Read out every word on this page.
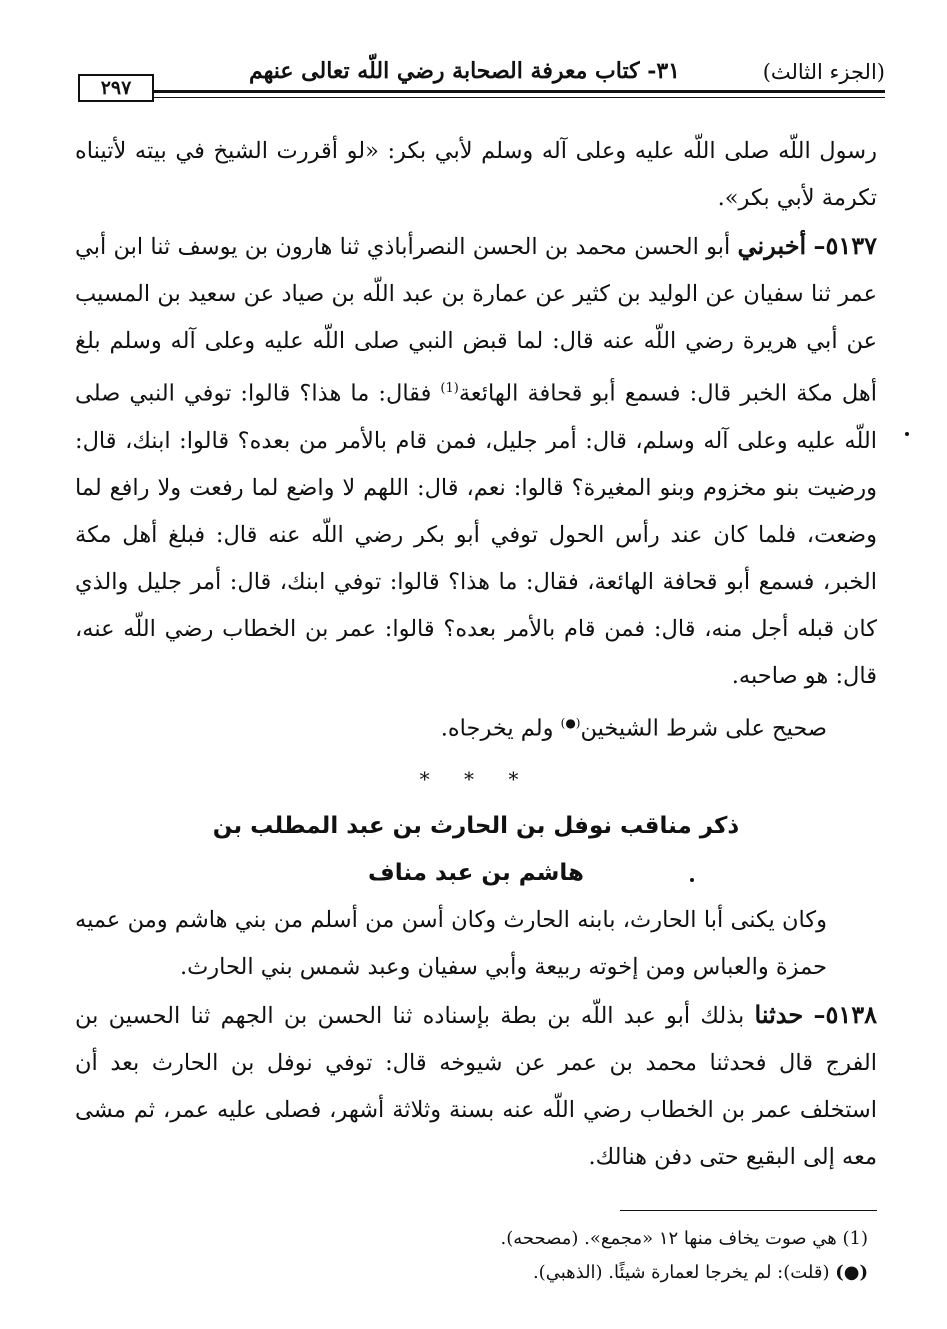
(الجزء الثالث)
٣١- كتاب معرفة الصحابة رضي اللّه تعالى عنهم
٢٩٧

رسول اللّه صلى اللّه عليه وعلى آله وسلم لأبي بكر: «لو أقررت الشيخ في بيته لأتيناه تكرمة لأبي بكر».

٥١٣٧– أخبرني أبو الحسن محمد بن الحسن النصرأباذي ثنا هارون بن يوسف ثنا ابن أبي عمر ثنا سفيان عن الوليد بن كثير عن عمارة بن عبد اللّه بن صياد عن سعيد بن المسيب عن أبي هريرة رضي اللّه عنه قال: لما قبض النبي صلى اللّه عليه وعلى آله وسلم بلغ أهل مكة الخبر قال: فسمع أبو قحافة الهائعة$^{(1)}$ فقال: ما هذا؟ قالوا: توفي النبي صلى اللّه عليه وعلى آله وسلم، قال: أمر جليل، فمن قام بالأمر من بعده؟ قالوا: ابنك، قال: ورضيت بنو مخزوم وبنو المغيرة؟ قالوا: نعم، قال: اللهم لا واضع لما رفعت ولا رافع لما وضعت، فلما كان عند رأس الحول توفي أبو بكر رضي اللّه عنه قال: فبلغ أهل مكة الخبر، فسمع أبو قحافة الهائعة، فقال: ما هذا؟ قالوا: توفي ابنك، قال: أمر جليل والذي كان قبله أجل منه، قال: فمن قام بالأمر بعده؟ قالوا: عمر بن الخطاب رضي اللّه عنه، قال: هو صاحبه.

صحيح على شرط الشيخين(●) ولم يخرجاه.

* * *

ذكر مناقب نوفل بن الحارث بن عبد المطلب بن

هاشم بن عبد مناف

وكان يكنى أبا الحارث، بابنه الحارث وكان أسن من أسلم من بني هاشم ومن عميه حمزة والعباس ومن إخوته ربيعة وأبي سفيان وعبد شمس بني الحارث.

٥١٣٨– حدثنا بذلك أبو عبد اللّه بن بطة بإسناده ثنا الحسن بن الجهم ثنا الحسين بن الفرج قال فحدثنا محمد بن عمر عن شيوخه قال: توفي نوفل بن الحارث بعد أن استخلف عمر بن الخطاب رضي اللّه عنه بسنة وثلاثة أشهر، فصلى عليه عمر، ثم مشى معه إلى البقيع حتى دفن هنالك.

(1) هي صوت يخاف منها ١٢ «مجمع». (مصححه).

(●) (قلت): لم يخرجا لعمارة شيئًا. (الذهبي).
